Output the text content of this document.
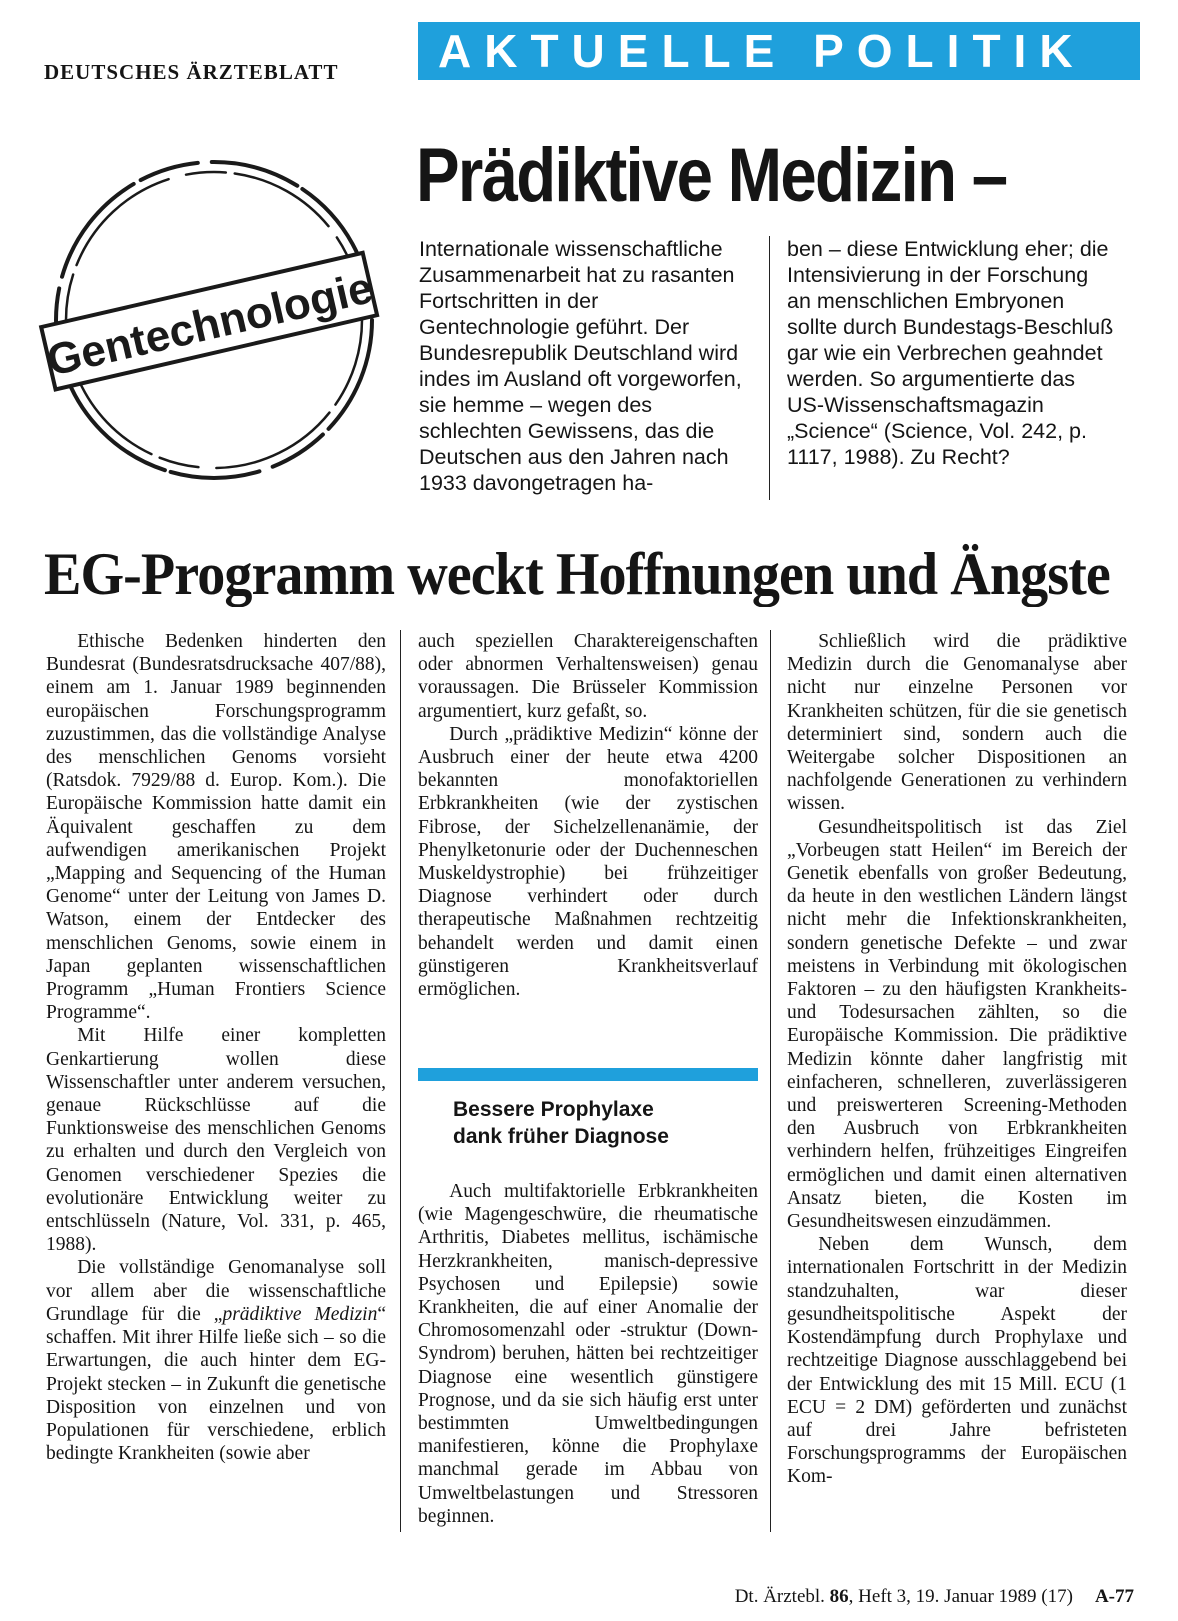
DEUTSCHES ÄRZTEBLATT	AKTUELLE POLITIK
Gentechnologie
Prädiktive Medizin –
Internationale wissenschaftliche Zusammenarbeit hat zu rasanten Fortschritten in der Gentechnologie geführt. Der Bundesrepublik Deutschland wird indes im Ausland oft vorgeworfen, sie hemme – wegen des schlechten Gewissens, das die Deutschen aus den Jahren nach 1933 davongetragen ha-
ben – diese Entwicklung eher; die Intensivierung in der Forschung an menschlichen Embryonen sollte durch Bundestags-Beschluß gar wie ein Verbrechen geahndet werden. So argumentierte das US-Wissenschaftsmagazin „Science“ (Science, Vol. 242, p. 1117, 1988). Zu Recht?
EG-Programm weckt Hoffnungen und Ängste

Ethische Bedenken hinderten den Bundesrat (Bundesratsdrucksache 407/88), einem am 1. Januar 1989 beginnenden europäischen Forschungsprogramm zuzustimmen, das die vollständige Analyse des menschlichen Genoms vorsieht (Ratsdok. 7929/88 d. Europ. Kom.). Die Europäische Kommission hatte damit ein Äquivalent geschaffen zu dem aufwendigen amerikanischen Projekt „Mapping and Sequencing of the Human Genome“ unter der Leitung von James D. Watson, einem der Entdecker des menschlichen Genoms, sowie einem in Japan geplanten wissenschaftlichen Programm „Human Frontiers Science Programme“.

Mit Hilfe einer kompletten Genkartierung wollen diese Wissenschaftler unter anderem versuchen, genaue Rückschlüsse auf die Funktionsweise des menschlichen Genoms zu erhalten und durch den Vergleich von Genomen verschiedener Spezies die evolutionäre Entwicklung weiter zu entschlüsseln (Nature, Vol. 331, p. 465, 1988).

Die vollständige Genomanalyse soll vor allem aber die wissenschaftliche Grundlage für die „prädiktive Medizin“ schaffen. Mit ihrer Hilfe ließe sich – so die Erwartungen, die auch hinter dem EG-Projekt stecken – in Zukunft die genetische Disposition von einzelnen und von Populationen für verschiedene, erblich bedingte Krankheiten (sowie aber

auch speziellen Charaktereigenschaften oder abnormen Verhaltensweisen) genau voraussagen. Die Brüsseler Kommission argumentiert, kurz gefaßt, so.

Durch „prädiktive Medizin“ könne der Ausbruch einer der heute etwa 4200 bekannten monofaktoriellen Erbkrankheiten (wie der zystischen Fibrose, der Sichelzellenanämie, der Phenylketonurie oder der Duchenneschen Muskeldystrophie) bei frühzeitiger Diagnose verhindert oder durch therapeutische Maßnahmen rechtzeitig behandelt werden und damit einen günstigeren Krankheitsverlauf ermöglichen.

Bessere Prophylaxe
dank früher Diagnose

Auch multifaktorielle Erbkrankheiten (wie Magengeschwüre, die rheumatische Arthritis, Diabetes mellitus, ischämische Herzkrankheiten, manisch-depressive Psychosen und Epilepsie) sowie Krankheiten, die auf einer Anomalie der Chromosomenzahl oder -struktur (Down-Syndrom) beruhen, hätten bei rechtzeitiger Diagnose eine wesentlich günstigere Prognose, und da sie sich häufig erst unter bestimmten Umweltbedingungen manifestieren, könne die Prophylaxe manchmal gerade im Abbau von Umweltbelastungen und Stressoren beginnen.

Schließlich wird die prädiktive Medizin durch die Genomanalyse aber nicht nur einzelne Personen vor Krankheiten schützen, für die sie genetisch determiniert sind, sondern auch die Weitergabe solcher Dispositionen an nachfolgende Generationen zu verhindern wissen.

Gesundheitspolitisch ist das Ziel „Vorbeugen statt Heilen“ im Bereich der Genetik ebenfalls von großer Bedeutung, da heute in den westlichen Ländern längst nicht mehr die Infektionskrankheiten, sondern genetische Defekte – und zwar meistens in Verbindung mit ökologischen Faktoren – zu den häufigsten Krankheits- und Todesursachen zählten, so die Europäische Kommission. Die prädiktive Medizin könnte daher langfristig mit einfacheren, schnelleren, zuverlässigeren und preiswerteren Screening-Methoden den Ausbruch von Erbkrankheiten verhindern helfen, frühzeitiges Eingreifen ermöglichen und damit einen alternativen Ansatz bieten, die Kosten im Gesundheitswesen einzudämmen.

Neben dem Wunsch, dem internationalen Fortschritt in der Medizin standzuhalten, war dieser gesundheitspolitische Aspekt der Kostendämpfung durch Prophylaxe und rechtzeitige Diagnose ausschlaggebend bei der Entwicklung des mit 15 Mill. ECU (1 ECU = 2 DM) geförderten und zunächst auf drei Jahre befristeten Forschungsprogramms der Europäischen Kom-

Dt. Ärztebl. 86, Heft 3, 19. Januar 1989 (17) A-77
